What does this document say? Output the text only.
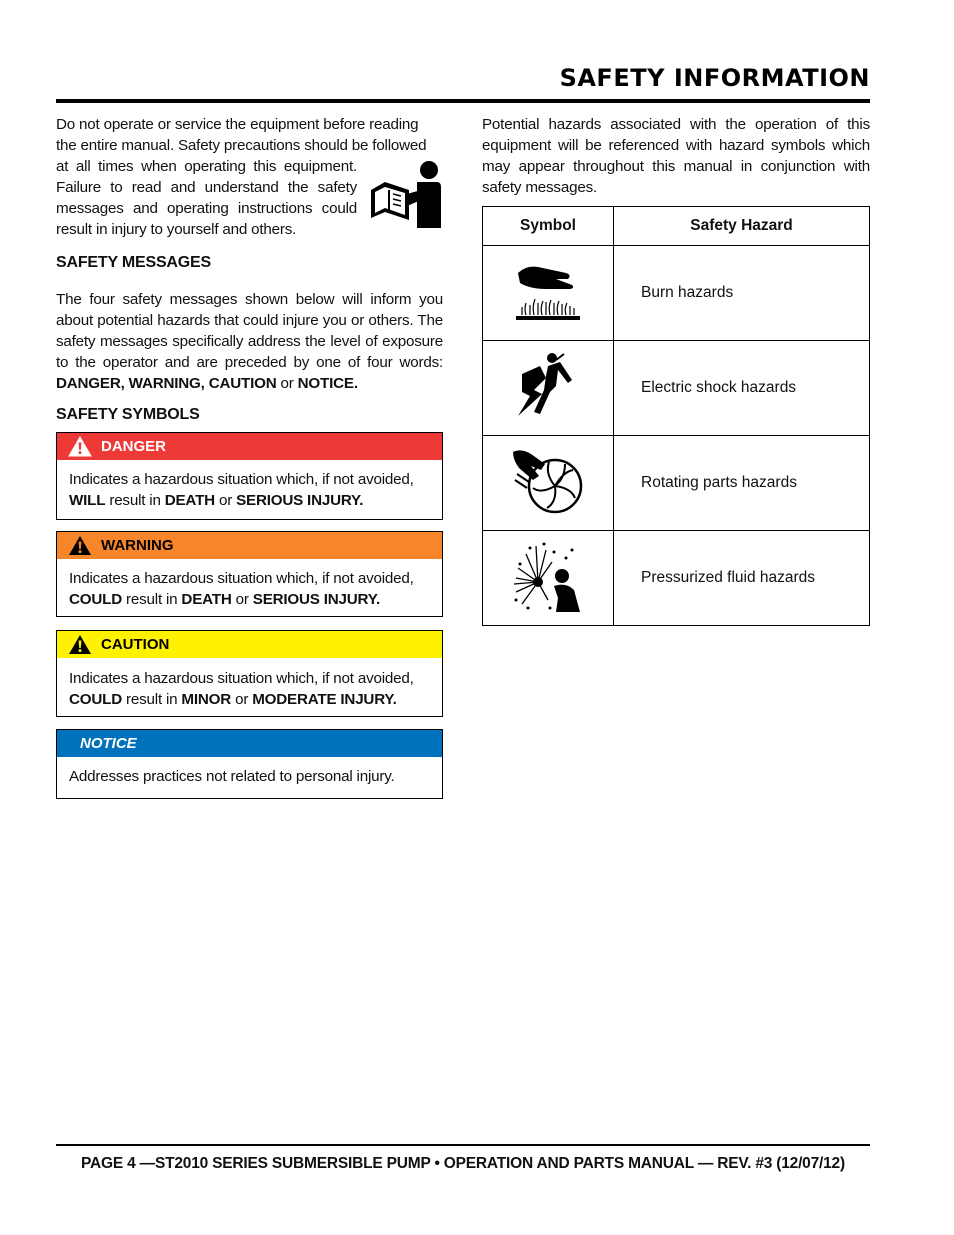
SAFETY INFORMATION
Do not operate or service the equipment before reading
the entire manual. Safety precautions should be followed
at all times when operating this equipment.
Failure to read and understand the safety
messages and operating instructions could
result in injury to yourself and others.
SAFETY MESSAGES
The four safety messages shown below will inform you about potential hazards that could injure you or others. The safety messages specifically address the level of exposure to the operator and are preceded by one of four words: DANGER, WARNING, CAUTION or NOTICE.
SAFETY SYMBOLS
DANGER
Indicates a hazardous situation which, if not avoided,
WILL result in DEATH or SERIOUS INJURY.
WARNING
Indicates a hazardous situation which, if not avoided,
COULD result in DEATH or SERIOUS INJURY.
CAUTION
Indicates a hazardous situation which, if not avoided,
COULD result in MINOR or MODERATE INJURY.
NOTICE
Addresses practices not related to personal injury.
Potential hazards associated with the operation of this equipment will be referenced with hazard symbols which may appear throughout this manual in conjunction with safety messages.
Symbol	Safety Hazard
	Burn hazards
	Electric shock hazards
	Rotating parts hazards
	Pressurized fluid hazards
PAGE 4 —ST2010 SERIES SUBMERSIBLE PUMP • OPERATION AND PARTS MANUAL — REV. #3 (12/07/12)
